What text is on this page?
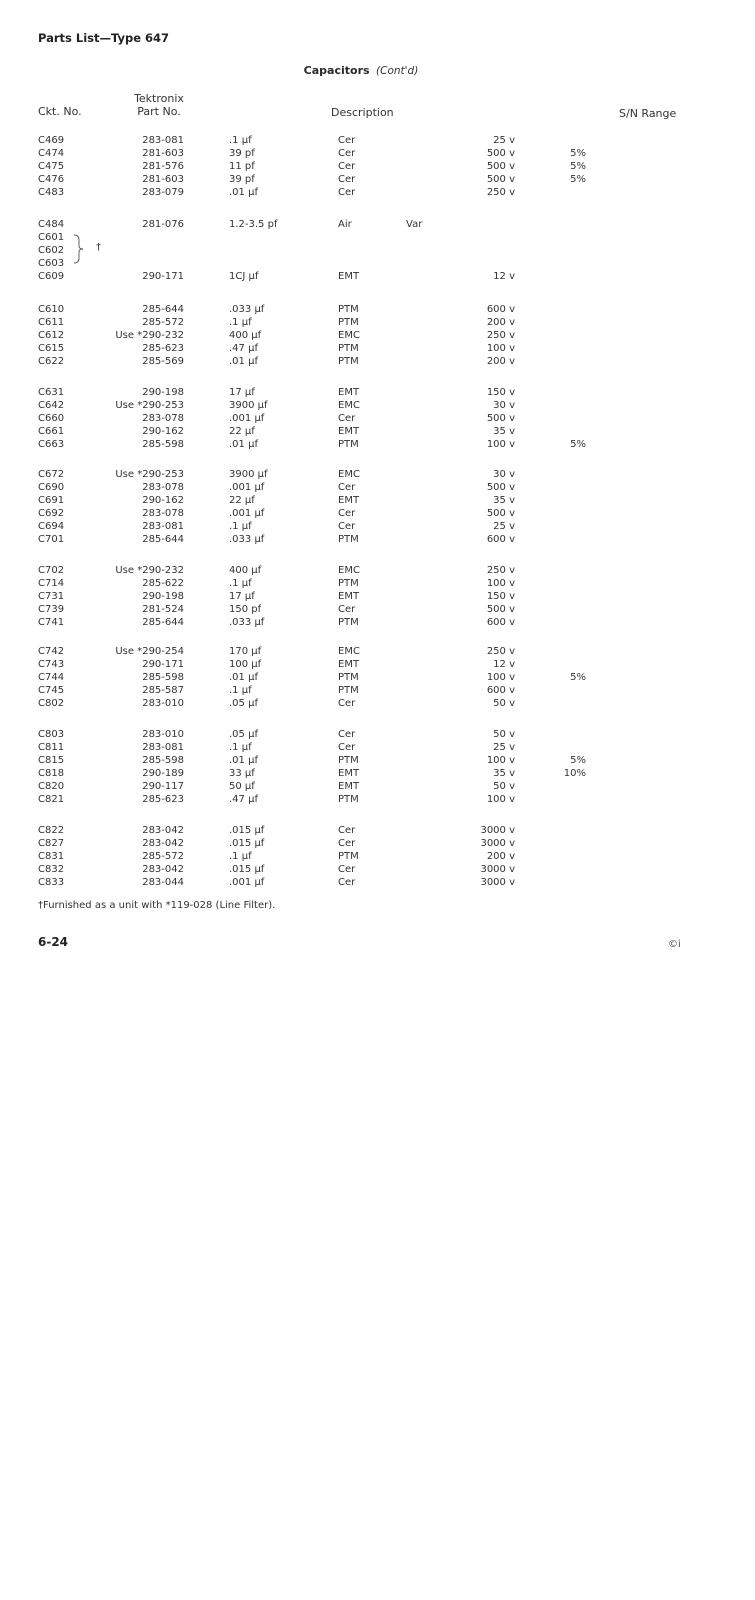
Parts List—Type 647
Capacitors (Cont'd)
Ckt. No.
Tektronix
Part No.	Description	S/N Range
C469	283-081	.1 μf	Cer	25 v
C474	281-603	39 pf	Cer	500 v	5%
C475	281-576	11 pf	Cer	500 v	5%
C476	281-603	39 pf	Cer	500 v	5%
C483	283-079	.01 μf	Cer	250 v
C484	281-076	1.2-3.5 pf	Air	Var
C601
C602
C603
C609	290-171	1CJ μf	EMT	12 v
C610	285-644	.033 μf	PTM	600 v
C611	285-572	.1 μf	PTM	200 v
C612	Use *290-232	400 μf	EMC	250 v
C615	285-623	.47 μf	PTM	100 v
C622	285-569	.01 μf	PTM	200 v
C631	290-198	17 μf	EMT	150 v
C642	Use *290-253	3900 μf	EMC	30 v
C660	283-078	.001 μf	Cer	500 v
C661	290-162	22 μf	EMT	35 v
C663	285-598	.01 μf	PTM	100 v	5%
C672	Use *290-253	3900 μf	EMC	30 v
C690	283-078	.001 μf	Cer	500 v
C691	290-162	22 μf	EMT	35 v
C692	283-078	.001 μf	Cer	500 v
C694	283-081	.1 μf	Cer	25 v
C701	285-644	.033 μf	PTM	600 v
C702	Use *290-232	400 μf	EMC	250 v
C714	285-622	.1 μf	PTM	100 v
C731	290-198	17 μf	EMT	150 v
C739	281-524	150 pf	Cer	500 v
C741	285-644	.033 μf	PTM	600 v
C742	Use *290-254	170 μf	EMC	250 v
C743	290-171	100 μf	EMT	12 v
C744	285-598	.01 μf	PTM	100 v	5%
C745	285-587	.1 μf	PTM	600 v
C802	283-010	.05 μf	Cer	50 v
C803	283-010	.05 μf	Cer	50 v
C811	283-081	.1 μf	Cer	25 v
C815	285-598	.01 μf	PTM	100 v	5%
C818	290-189	33 μf	EMT	35 v	10%
C820	290-117	50 μf	EMT	50 v
C821	285-623	.47 μf	PTM	100 v
C822	283-042	.015 μf	Cer	3000 v
C827	283-042	.015 μf	Cer	3000 v
C831	285-572	.1 μf	PTM	200 v
C832	283-042	.015 μf	Cer	3000 v
C833	283-044	.001 μf	Cer	3000 v
†
†Furnished as a unit with *119-028 (Line Filter).
6-24	©i
